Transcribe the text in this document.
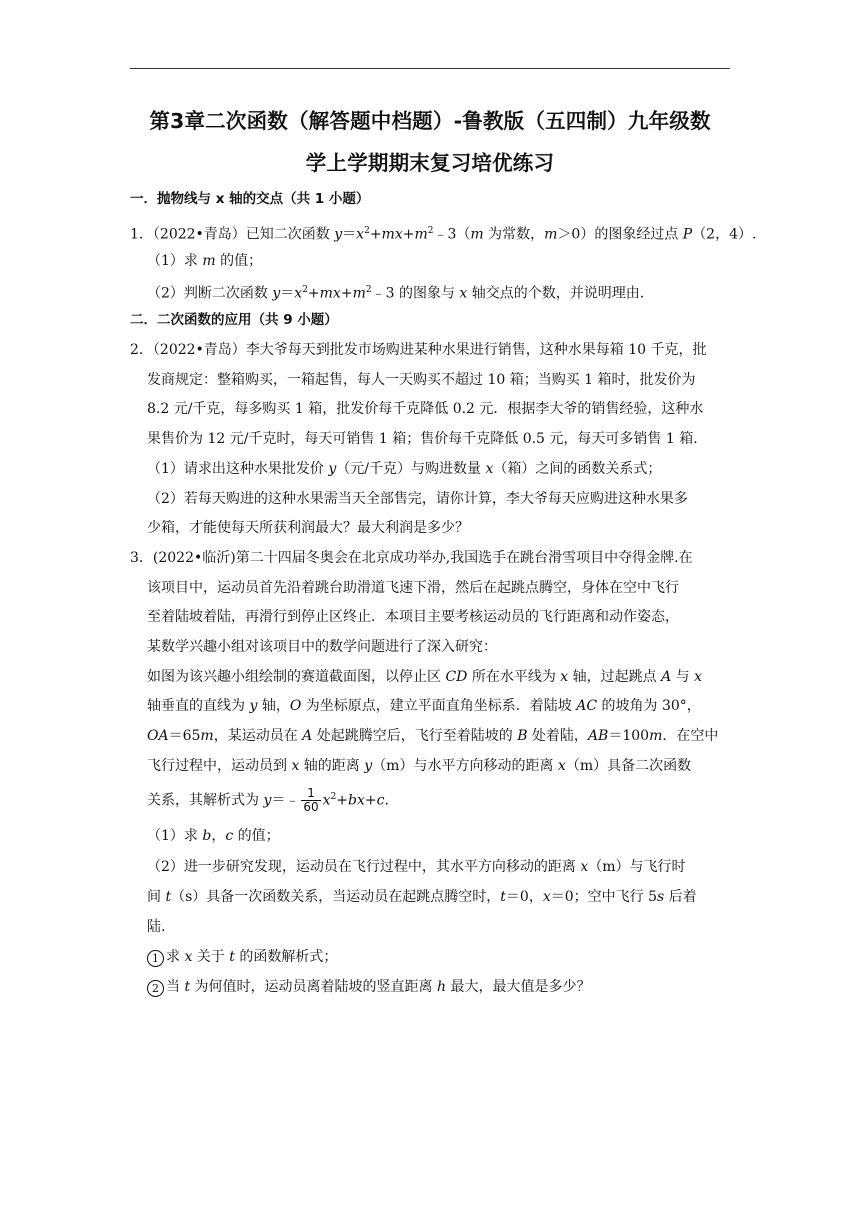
第3章二次函数（解答题中档题）-鲁教版（五四制）九年级数
学上学期期末复习培优练习
一．抛物线与 x 轴的交点（共 1 小题）
1．（2022•青岛）已知二次函数 $y=x^2+mx+m^2﹣3(m$ 为常数，m＞0）的图象经过点 P（2，4）.
（1）求 m 的值；
（2）判断二次函数 $y=x^2+mx+m^2﹣3$ 的图象与 x 轴交点的个数，并说明理由.
二．二次函数的应用（共 9 小题）
2．（2022•青岛）李大爷每天到批发市场购进某种水果进行销售，这种水果每箱 10 千克，批
发商规定：整箱购买，一箱起售，每人一天购买不超过 10 箱；当购买 1 箱时，批发价为
8.2 元/千克，每多购买 1 箱，批发价每千克降低 0.2 元．根据李大爷的销售经验，这种水
果售价为 12 元/千克时，每天可销售 1 箱；售价每千克降低 0.5 元，每天可多销售 1 箱.
（1）请求出这种水果批发价 y（元/千克）与购进数量 x（箱）之间的函数关系式；
（2）若每天购进的这种水果需当天全部售完，请你计算，李大爷每天应购进这种水果多
少箱，才能使每天所获利润最大？最大利润是多少？
3．(2022•临沂)第二十四届冬奥会在北京成功举办,我国选手在跳台滑雪项目中夺得金牌.在
该项目中，运动员首先沿着跳台助滑道飞速下滑，然后在起跳点腾空，身体在空中飞行
至着陆坡着陆，再滑行到停止区终止．本项目主要考核运动员的飞行距离和动作姿态，
某数学兴趣小组对该项目中的数学问题进行了深入研究：
如图为该兴趣小组绘制的赛道截面图，以停止区 CD 所在水平线为 x 轴，过起跳点 A 与 x
轴垂直的直线为 y 轴，O 为坐标原点，建立平面直角坐标系．着陆坡 AC 的坡角为 30°，
OA＝65m，某运动员在 A 处起跳腾空后，飞行至着陆坡的 B 处着陆，AB＝100m．在空中
飞行过程中，运动员到 x 轴的距离 y（m）与水平方向移动的距离 x（m）具备二次函数
关系，其解析式为 y＝﹣ $\frac{1}{60} x^2+bx+c$.
（1）求 b，c 的值；
（2）进一步研究发现，运动员在飞行过程中，其水平方向移动的距离 x（m）与飞行时
间 t（s）具备一次函数关系，当运动员在起跳点腾空时，t＝0，x＝0；空中飞行 5s 后着
陆.
1 求 x 关于 t 的函数解析式；
2 当 t 为何值时，运动员离着陆坡的竖直距离 h 最大，最大值是多少？
